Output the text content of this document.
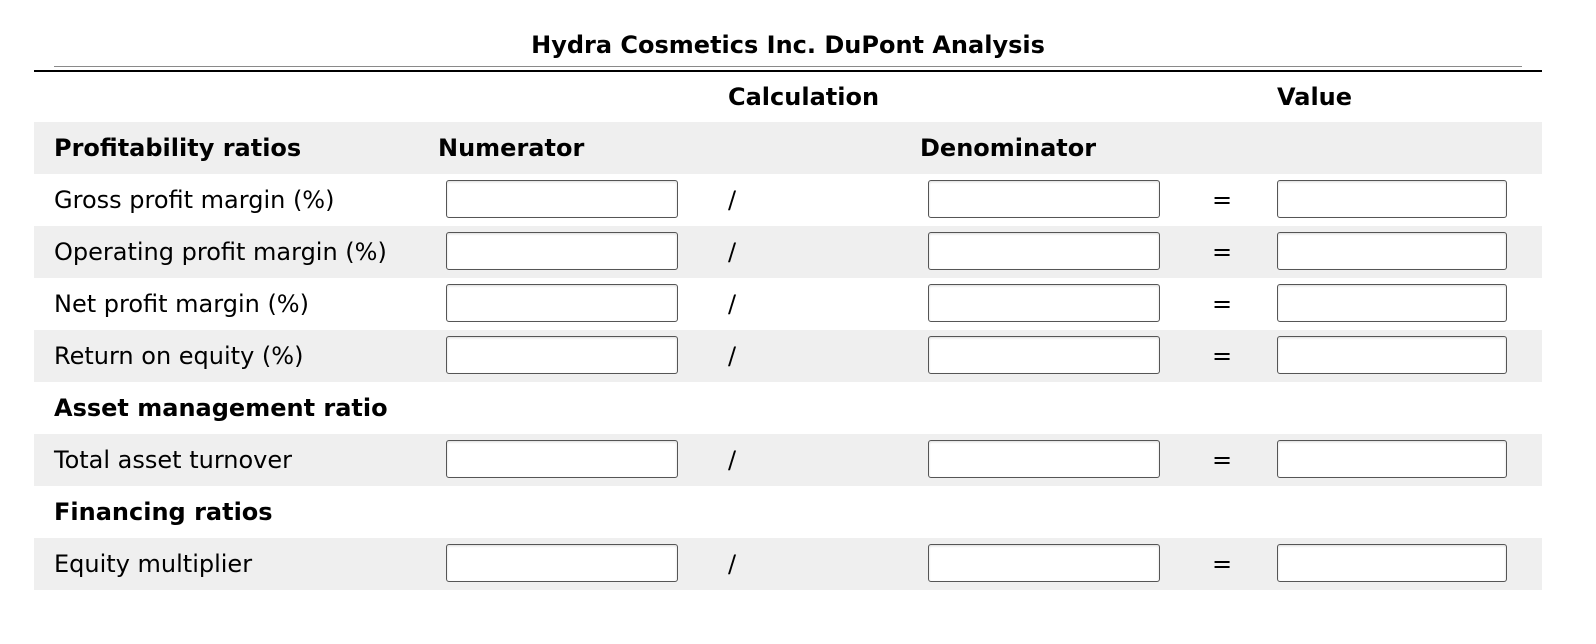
Hydra Cosmetics Inc. DuPont Analysis
Calculation	Value
Profitability ratios	Numerator	Denominator
Gross profit margin (%)	/	=
Operating profit margin (%)	/	=
Net profit margin (%)	/	=
Return on equity (%)	/	=
Asset management ratio
Total asset turnover	/	=
Financing ratios
Equity multiplier	/	=
